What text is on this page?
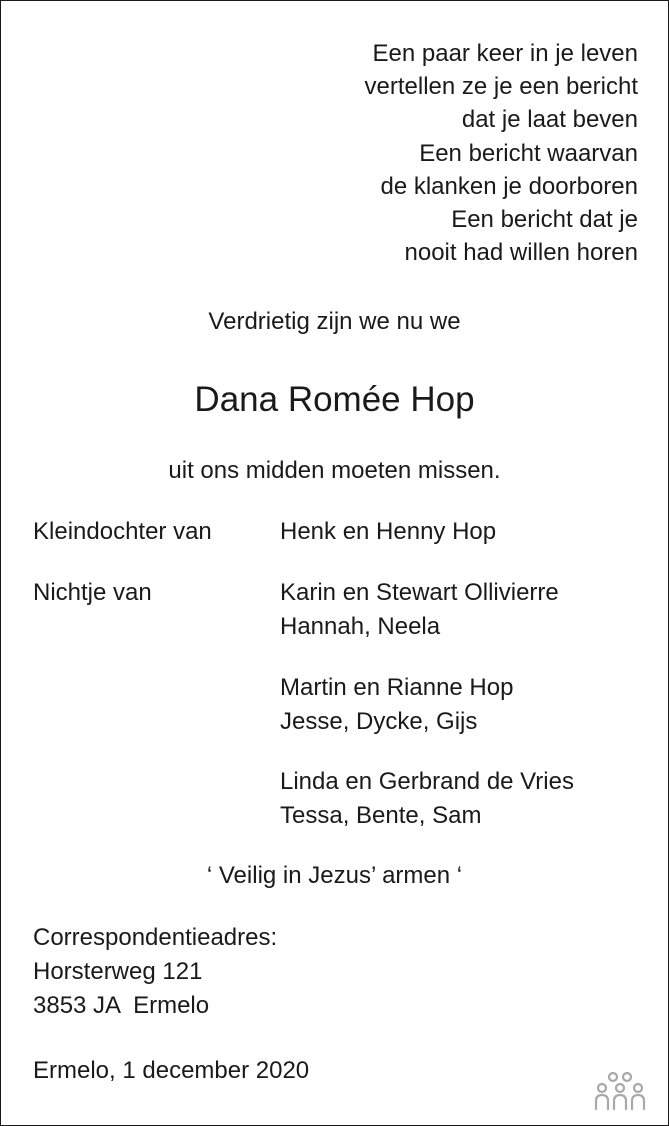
Een paar keer in je leven
vertellen ze je een bericht
dat je laat beven
Een bericht waarvan
de klanken je doorboren
Een bericht dat je
nooit had willen horen
Verdrietig zijn we nu we
Dana Romée Hop
uit ons midden moeten missen.
Kleindochter van	Henk en Henny Hop
Nichtje van	Karin en Stewart Ollivierre
Hannah, Neela
Martin en Rianne Hop
Jesse, Dycke, Gijs
Linda en Gerbrand de Vries
Tessa, Bente, Sam
‘ Veilig in Jezus’ armen ‘
Correspondentieadres:
Horsterweg 121
3853 JA  Ermelo
Ermelo, 1 december 2020
